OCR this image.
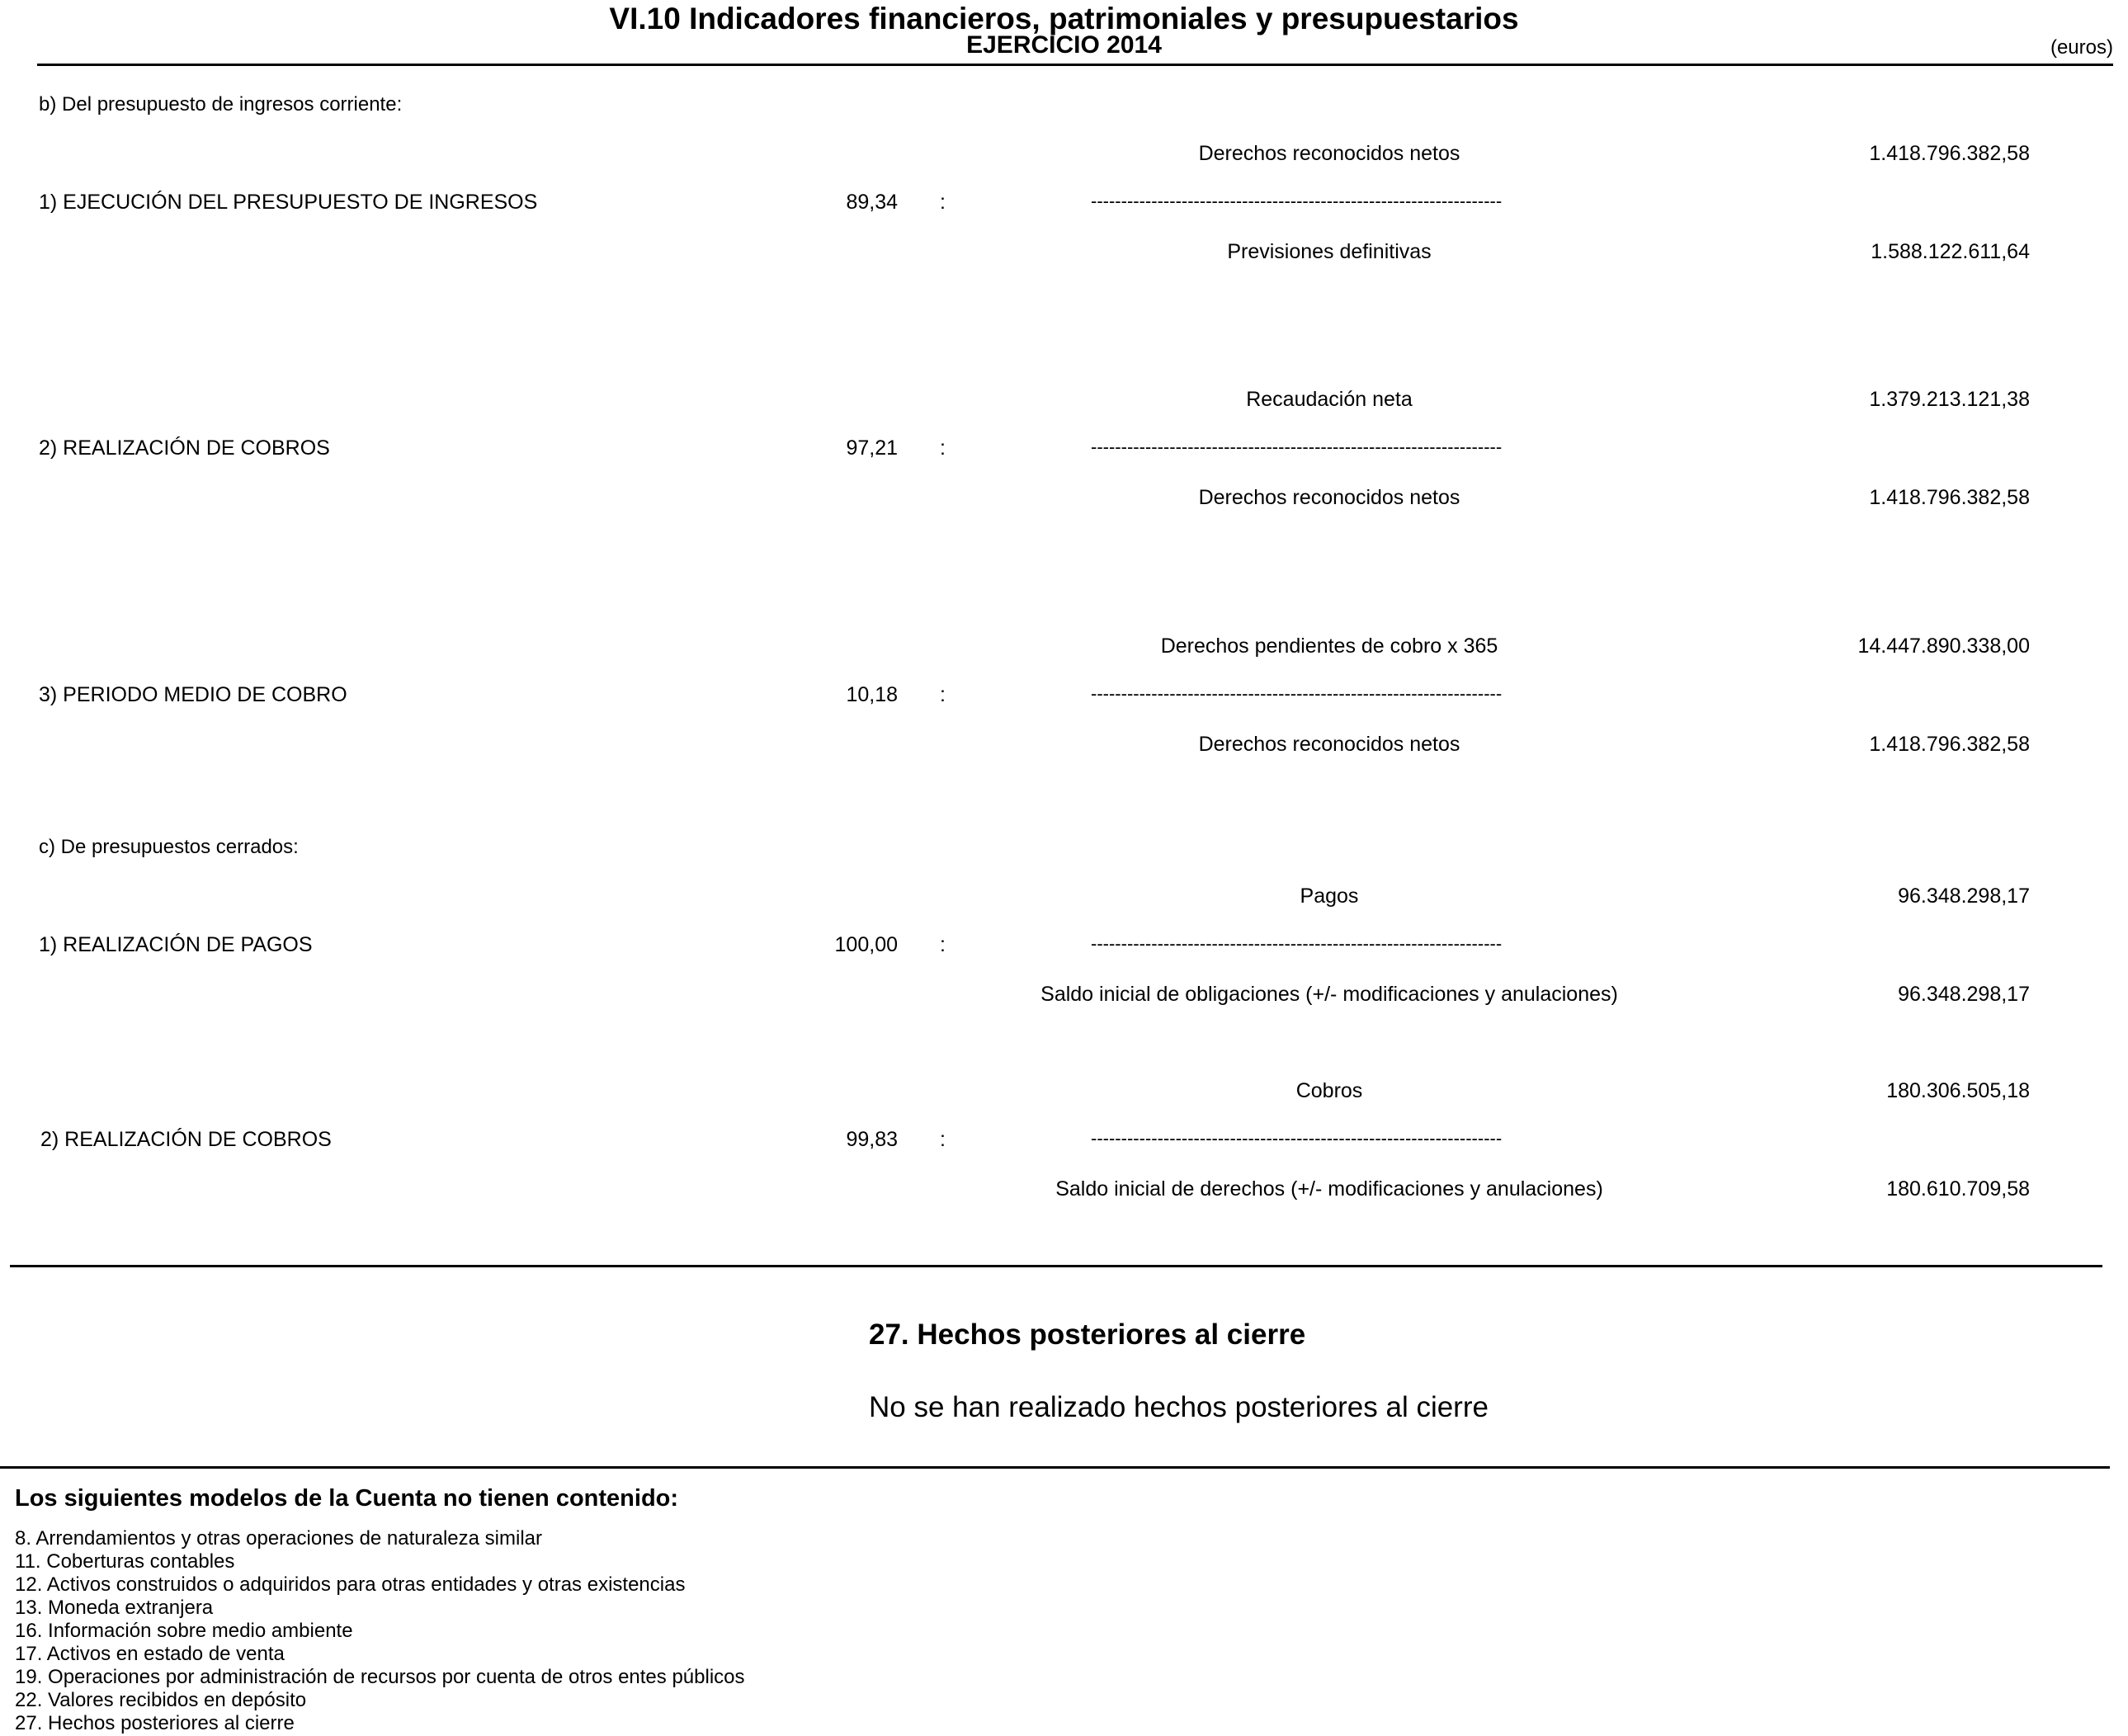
VI.10 Indicadores financieros, patrimoniales y presupuestarios
EJERCICIO 2014	(euros)
b) Del presupuesto de ingresos corriente:
Derechos reconocidos netos	1.418.796.382,58
1) EJECUCIÓN DEL PRESUPUESTO DE INGRESOS	89,34 :	--------------------------------------------------------------------
Previsiones definitivas	1.588.122.611,64
Recaudación neta	1.379.213.121,38
2) REALIZACIÓN DE COBROS	97,21 :	--------------------------------------------------------------------
Derechos reconocidos netos	1.418.796.382,58
Derechos pendientes de cobro x 365	14.447.890.338,00
3) PERIODO MEDIO DE COBRO	10,18 :	--------------------------------------------------------------------
Derechos reconocidos netos	1.418.796.382,58
c) De presupuestos cerrados:
Pagos	96.348.298,17
1) REALIZACIÓN DE PAGOS	100,00 :	--------------------------------------------------------------------
Saldo inicial de obligaciones (+/- modificaciones y anulaciones)	96.348.298,17
Cobros	180.306.505,18
2) REALIZACIÓN DE COBROS	99,83 :	--------------------------------------------------------------------
Saldo inicial de derechos (+/- modificaciones y anulaciones)	180.610.709,58
27. Hechos posteriores al cierre
No se han realizado hechos posteriores al cierre
Los siguientes modelos de la Cuenta no tienen contenido:
8. Arrendamientos y otras operaciones de naturaleza similar
11. Coberturas contables
12. Activos construidos o adquiridos para otras entidades y otras existencias
13. Moneda extranjera
16. Información sobre medio ambiente
17. Activos en estado de venta
19. Operaciones por administración de recursos por cuenta de otros entes públicos
22. Valores recibidos en depósito
27. Hechos posteriores al cierre
